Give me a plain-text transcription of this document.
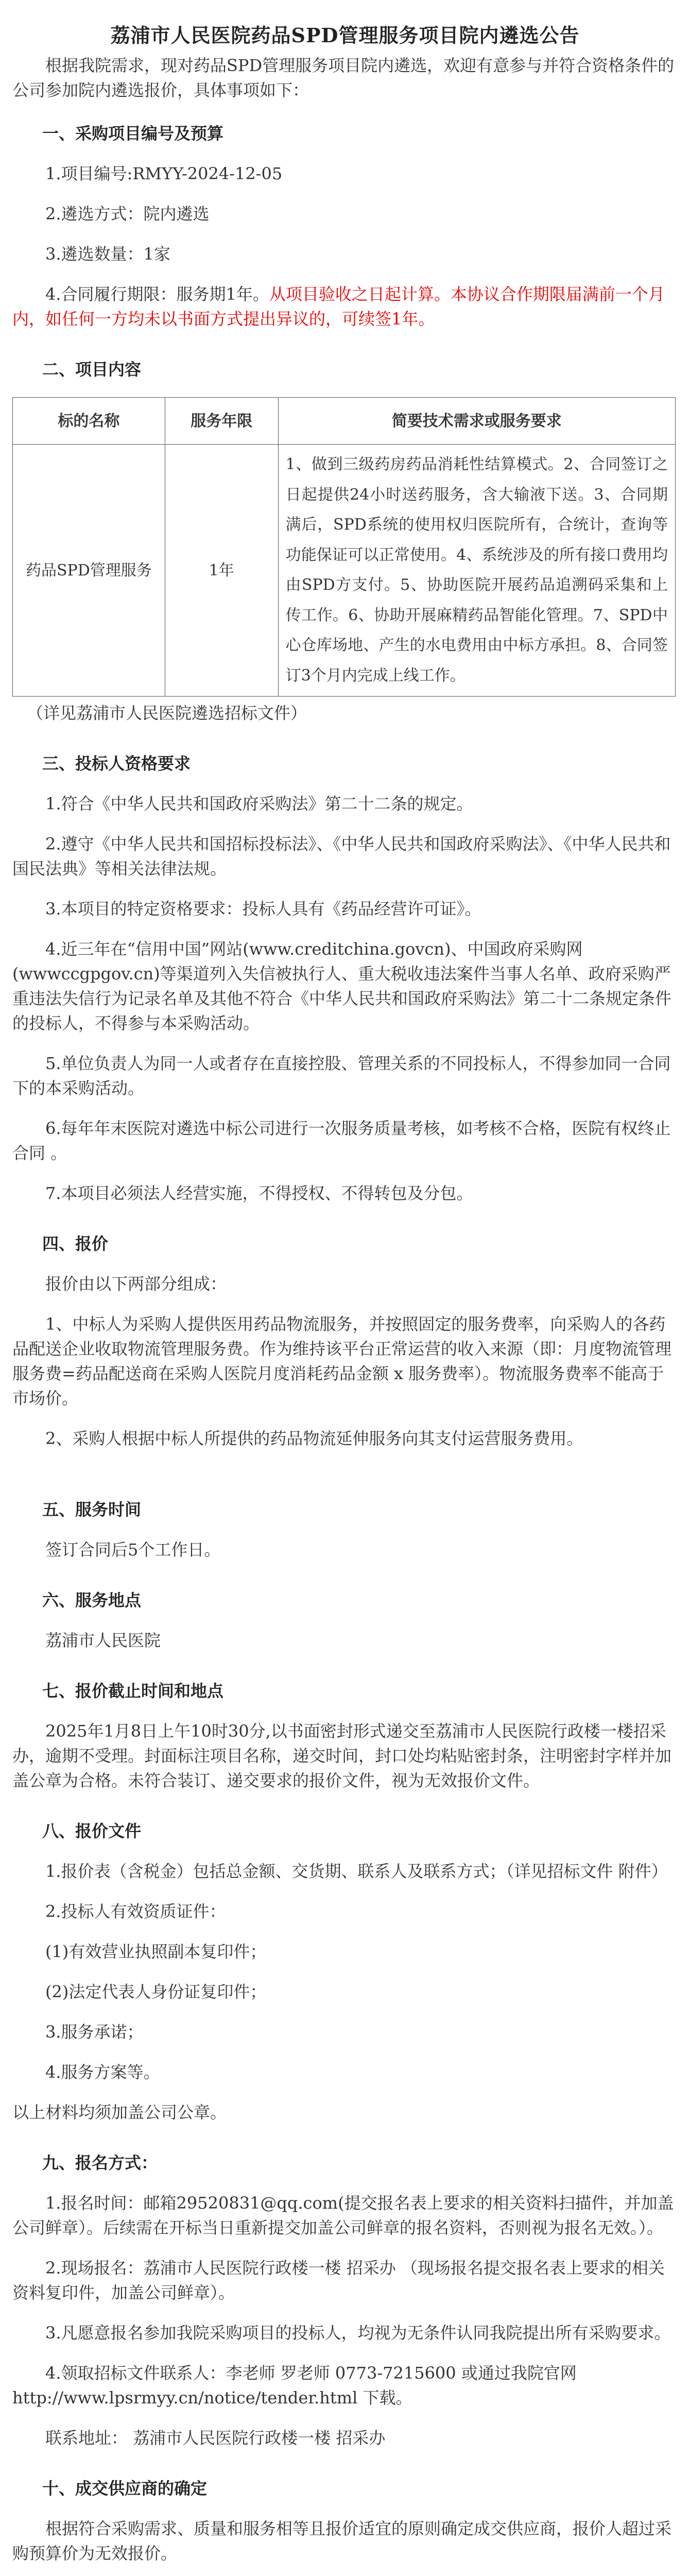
荔浦市人民医院药品SPD管理服务项目院内遴选公告

根据我院需求，现对药品SPD管理服务项目院内遴选，欢迎有意参与并符合资格条件的公司参加院内遴选报价，具体事项如下：

一、采购项目编号及预算

1.项目编号:RMYY-2024-12-05

2.遴选方式：院内遴选

3.遴选数量：1家

4.合同履行期限：服务期1年。从项目验收之日起计算。本协议合作期限届满前一个月内，如任何一方均未以书面方式提出异议的，可续签1年。

二、项目内容
标的名称	服务年限	简要技术需求或服务要求
药品SPD管理服务	1年	1、做到三级药房药品消耗性结算模式。2、合同签订之日起提供24小时送药服务，含大输液下送。3、合同期满后，SPD系统的使用权归医院所有，合统计，查询等功能保证可以正常使用。4、系统涉及的所有接口费用均由SPD方支付。5、协助医院开展药品追溯码采集和上传工作。6、协助开展麻精药品智能化管理。7、SPD中心仓库场地、产生的水电费用由中标方承担。8、合同签订3个月内完成上线工作。

（详见荔浦市人民医院遴选招标文件）

三、投标人资格要求

1.符合《中华人民共和国政府采购法》第二十二条的规定。

2.遵守《中华人民共和国招标投标法》、《中华人民共和国政府采购法》、《中华人民共和国民法典》等相关法律法规。

3.本项目的特定资格要求：投标人具有《药品经营许可证》。

4.近三年在“信用中国”网站(www.creditchina.govcn)、中国政府采购网(wwwccgpgov.cn)等渠道列入失信被执行人、重大税收违法案件当事人名单、政府采购严重违法失信行为记录名单及其他不符合《中华人民共和国政府采购法》第二十二条规定条件的投标人，不得参与本采购活动。

5.单位负责人为同一人或者存在直接控股、管理关系的不同投标人，不得参加同一合同下的本采购活动。

6.每年年末医院对遴选中标公司进行一次服务质量考核，如考核不合格，医院有权终止合同 。

7.本项目必须法人经营实施，不得授权、不得转包及分包。

四、报价

报价由以下两部分组成：

1、中标人为采购人提供医用药品物流服务，并按照固定的服务费率，向采购人的各药品配送企业收取物流管理服务费。作为维持该平台正常运营的收入来源（即：月度物流管理服务费=药品配送商在采购人医院月度消耗药品金额 x 服务费率）。物流服务费率不能高于市场价。

2、采购人根据中标人所提供的药品物流延伸服务向其支付运营服务费用。

五、服务时间

签订合同后5个工作日。

六、服务地点

荔浦市人民医院

七、报价截止时间和地点

2025年1月8日上午10时30分,以书面密封形式递交至荔浦市人民医院行政楼一楼招采办，逾期不受理。封面标注项目名称，递交时间，封口处均粘贴密封条，注明密封字样并加盖公章为合格。未符合装订、递交要求的报价文件，视为无效报价文件。

八、报价文件

1.报价表（含税金）包括总金额、交货期、联系人及联系方式；（详见招标文件 附件）

2.投标人有效资质证件：

(1)有效营业执照副本复印件；

(2)法定代表人身份证复印件；

3.服务承诺；

4.服务方案等。

以上材料均须加盖公司公章。

九、报名方式：

1.报名时间：邮箱29520831@qq.com(提交报名表上要求的相关资料扫描件，并加盖公司鲜章）。后续需在开标当日重新提交加盖公司鲜章的报名资料，否则视为报名无效。）。

2.现场报名：荔浦市人民医院行政楼一楼 招采办 （现场报名提交报名表上要求的相关资料复印件，加盖公司鲜章）。

3.凡愿意报名参加我院采购项目的投标人，均视为无条件认同我院提出所有采购要求。

4.领取招标文件联系人：李老师 罗老师 0773-7215600 或通过我院官网 http://www.lpsrmyy.cn/notice/tender.html 下载。

联系地址： 荔浦市人民医院行政楼一楼 招采办

十、成交供应商的确定

根据符合采购需求、质量和服务相等且报价适宜的原则确定成交供应商，报价人超过采购预算价为无效报价。
